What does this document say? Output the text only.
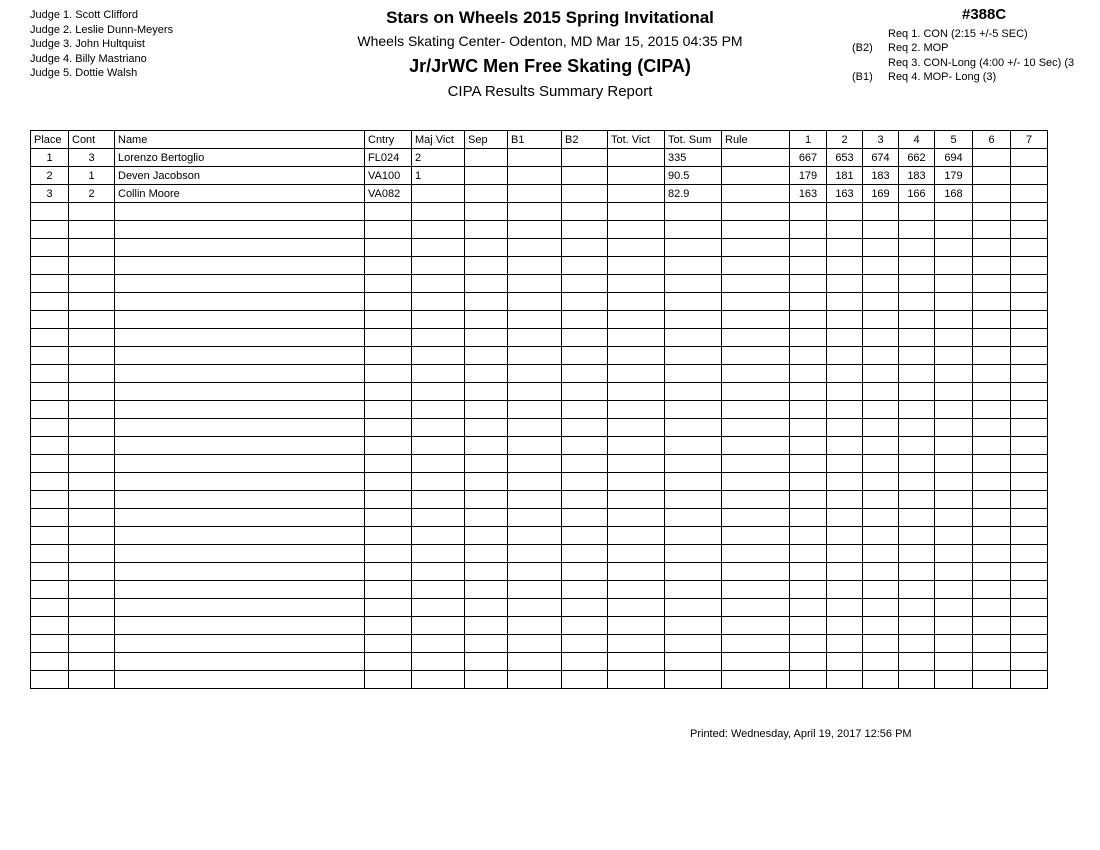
Judge 1. Scott Clifford
Judge 2. Leslie Dunn-Meyers
Judge 3. John Hultquist
Judge 4. Billy Mastriano
Judge 5. Dottie Walsh
Stars on Wheels 2015 Spring Invitational
Wheels Skating Center- Odenton, MD Mar 15, 2015 04:35 PM
Jr/JrWC Men Free Skating (CIPA)
CIPA Results Summary Report
#388C
Req 1. CON (2:15 +/-5 SEC)
(B2)	Req 2. MOP
Req 3. CON-Long (4:00 +/- 10 Sec) (3
(B1)	Req 4. MOP- Long (3)
Place	Cont	Name	Cntry	Maj Vict	Sep	B1	B2	Tot. Vict	Tot. Sum	Rule	1	2	3	4	5	6	7
1	3	Lorenzo Bertoglio	FL024	2					335		667	653	674	662	694		
2	1	Deven Jacobson	VA100	1					90.5		179	181	183	183	179		
3	2	Collin Moore	VA082						82.9		163	163	169	166	168		

Printed: Wednesday, April 19, 2017 12:56 PM
